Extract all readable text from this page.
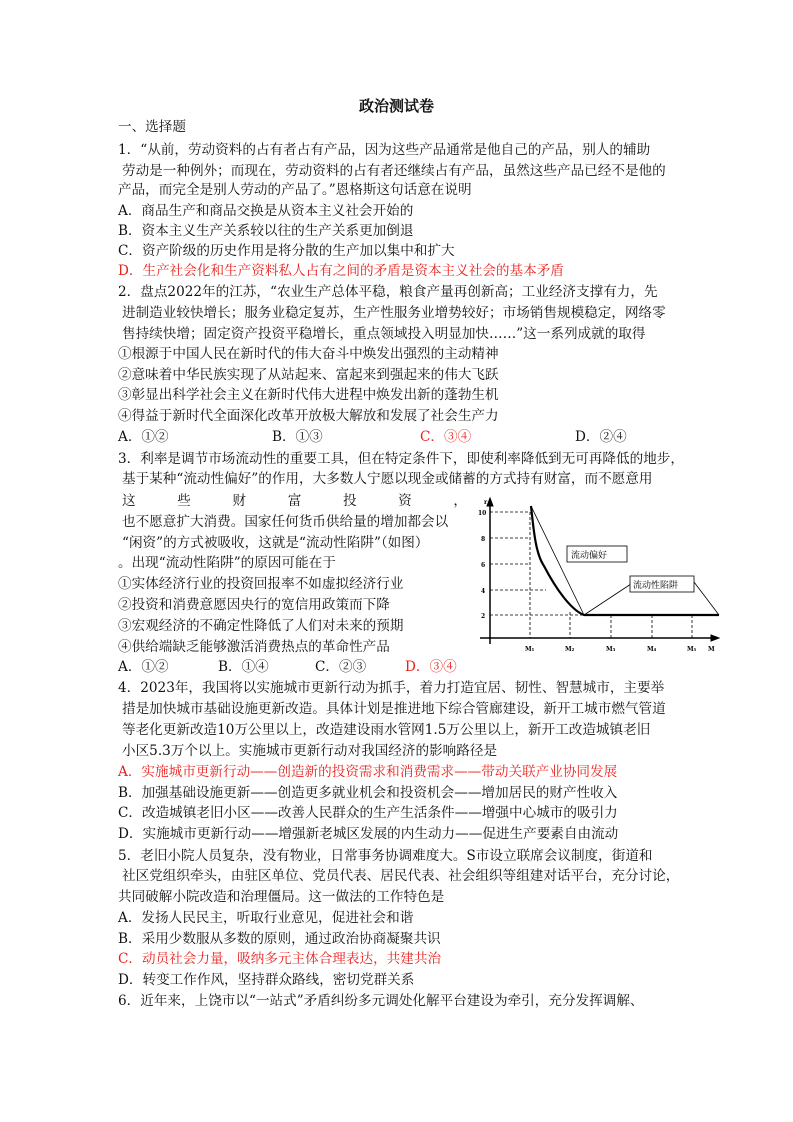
政治测试卷
一、选择题
1．“从前，劳动资料的占有者占有产品，因为这些产品通常是他自己的产品，别人的辅助
劳动是一种例外；而现在，劳动资料的占有者还继续占有产品，虽然这些产品已经不是他的
产品，而完全是别人劳动的产品了。”恩格斯这句话意在说明
A．商品生产和商品交换是从资本主义社会开始的
B．资本主义生产关系较以往的生产关系更加倒退
C．资产阶级的历史作用是将分散的生产加以集中和扩大
D．生产社会化和生产资料私人占有之间的矛盾是资本主义社会的基本矛盾
2．盘点2022年的江苏，“农业生产总体平稳，粮食产量再创新高；工业经济支撑有力，先
进制造业较快增长；服务业稳定复苏，生产性服务业增势较好；市场销售规模稳定，网络零
售持续快增；固定资产投资平稳增长，重点领域投入明显加快……”这一系列成就的取得
①根源于中国人民在新时代的伟大奋斗中焕发出强烈的主动精神
②意味着中华民族实现了从站起来、富起来到强起来的伟大飞跃
③彰显出科学社会主义在新时代伟大进程中焕发出新的蓬勃生机
④得益于新时代全面深化改革开放极大解放和发展了社会生产力
A．①②	B．①③	C．③④	D．②④
3．利率是调节市场流动性的重要工具，但在特定条件下，即使利率降低到无可再降低的地步，
基于某种“流动性偏好”的作用，大多数人宁愿以现金或储蓄的方式持有财富，而不愿意用
这	些	财	富	投	资	，
也不愿意扩大消费。国家任何货币供给量的增加都会以
“闲资”的方式被吸收，这就是“流动性陷阱”（如图）
。出现“流动性陷阱”的原因可能在于
①实体经济行业的投资回报率不如虚拟经济行业
②投资和消费意愿因央行的宽信用政策而下降
③宏观经济的不确定性降低了人们对未来的预期
④供给端缺乏能够激活消费热点的革命性产品
A．①②	B．①④	C．②③	D．③④
4．2023年，我国将以实施城市更新行动为抓手，着力打造宜居、韧性、智慧城市，主要举
措是加快城市基础设施更新改造。具体计划是推进地下综合管廊建设，新开工城市燃气管道
等老化更新改造10万公里以上，改造建设雨水管网1.5万公里以上，新开工改造城镇老旧
小区5.3万个以上。实施城市更新行动对我国经济的影响路径是
A．实施城市更新行动——创造新的投资需求和消费需求——带动关联产业协同发展
B．加强基础设施更新——创造更多就业机会和投资机会——增加居民的财产性收入
C．改造城镇老旧小区——改善人民群众的生产生活条件——增强中心城市的吸引力
D．实施城市更新行动——增强新老城区发展的内生动力——促进生产要素自由流动
5．老旧小院人员复杂，没有物业，日常事务协调难度大。S市设立联席会议制度，街道和
社区党组织牵头，由驻区单位、党员代表、居民代表、社会组织等组建对话平台，充分讨论，
共同破解小院改造和治理僵局。这一做法的工作特色是
A．发扬人民民主，听取行业意见，促进社会和谐
B．采用少数服从多数的原则，通过政治协商凝聚共识
C．动员社会力量，吸纳多元主体合理表达，共建共治
D．转变工作作风，坚持群众路线，密切党群关系
6．近年来，上饶市以“一站式”矛盾纠纷多元调处化解平台建设为牵引，充分发挥调解、
r
2
4
6
8
10
M₁	M₂	M₃	M₄	M₅ M
流动偏好
流动性陷阱
